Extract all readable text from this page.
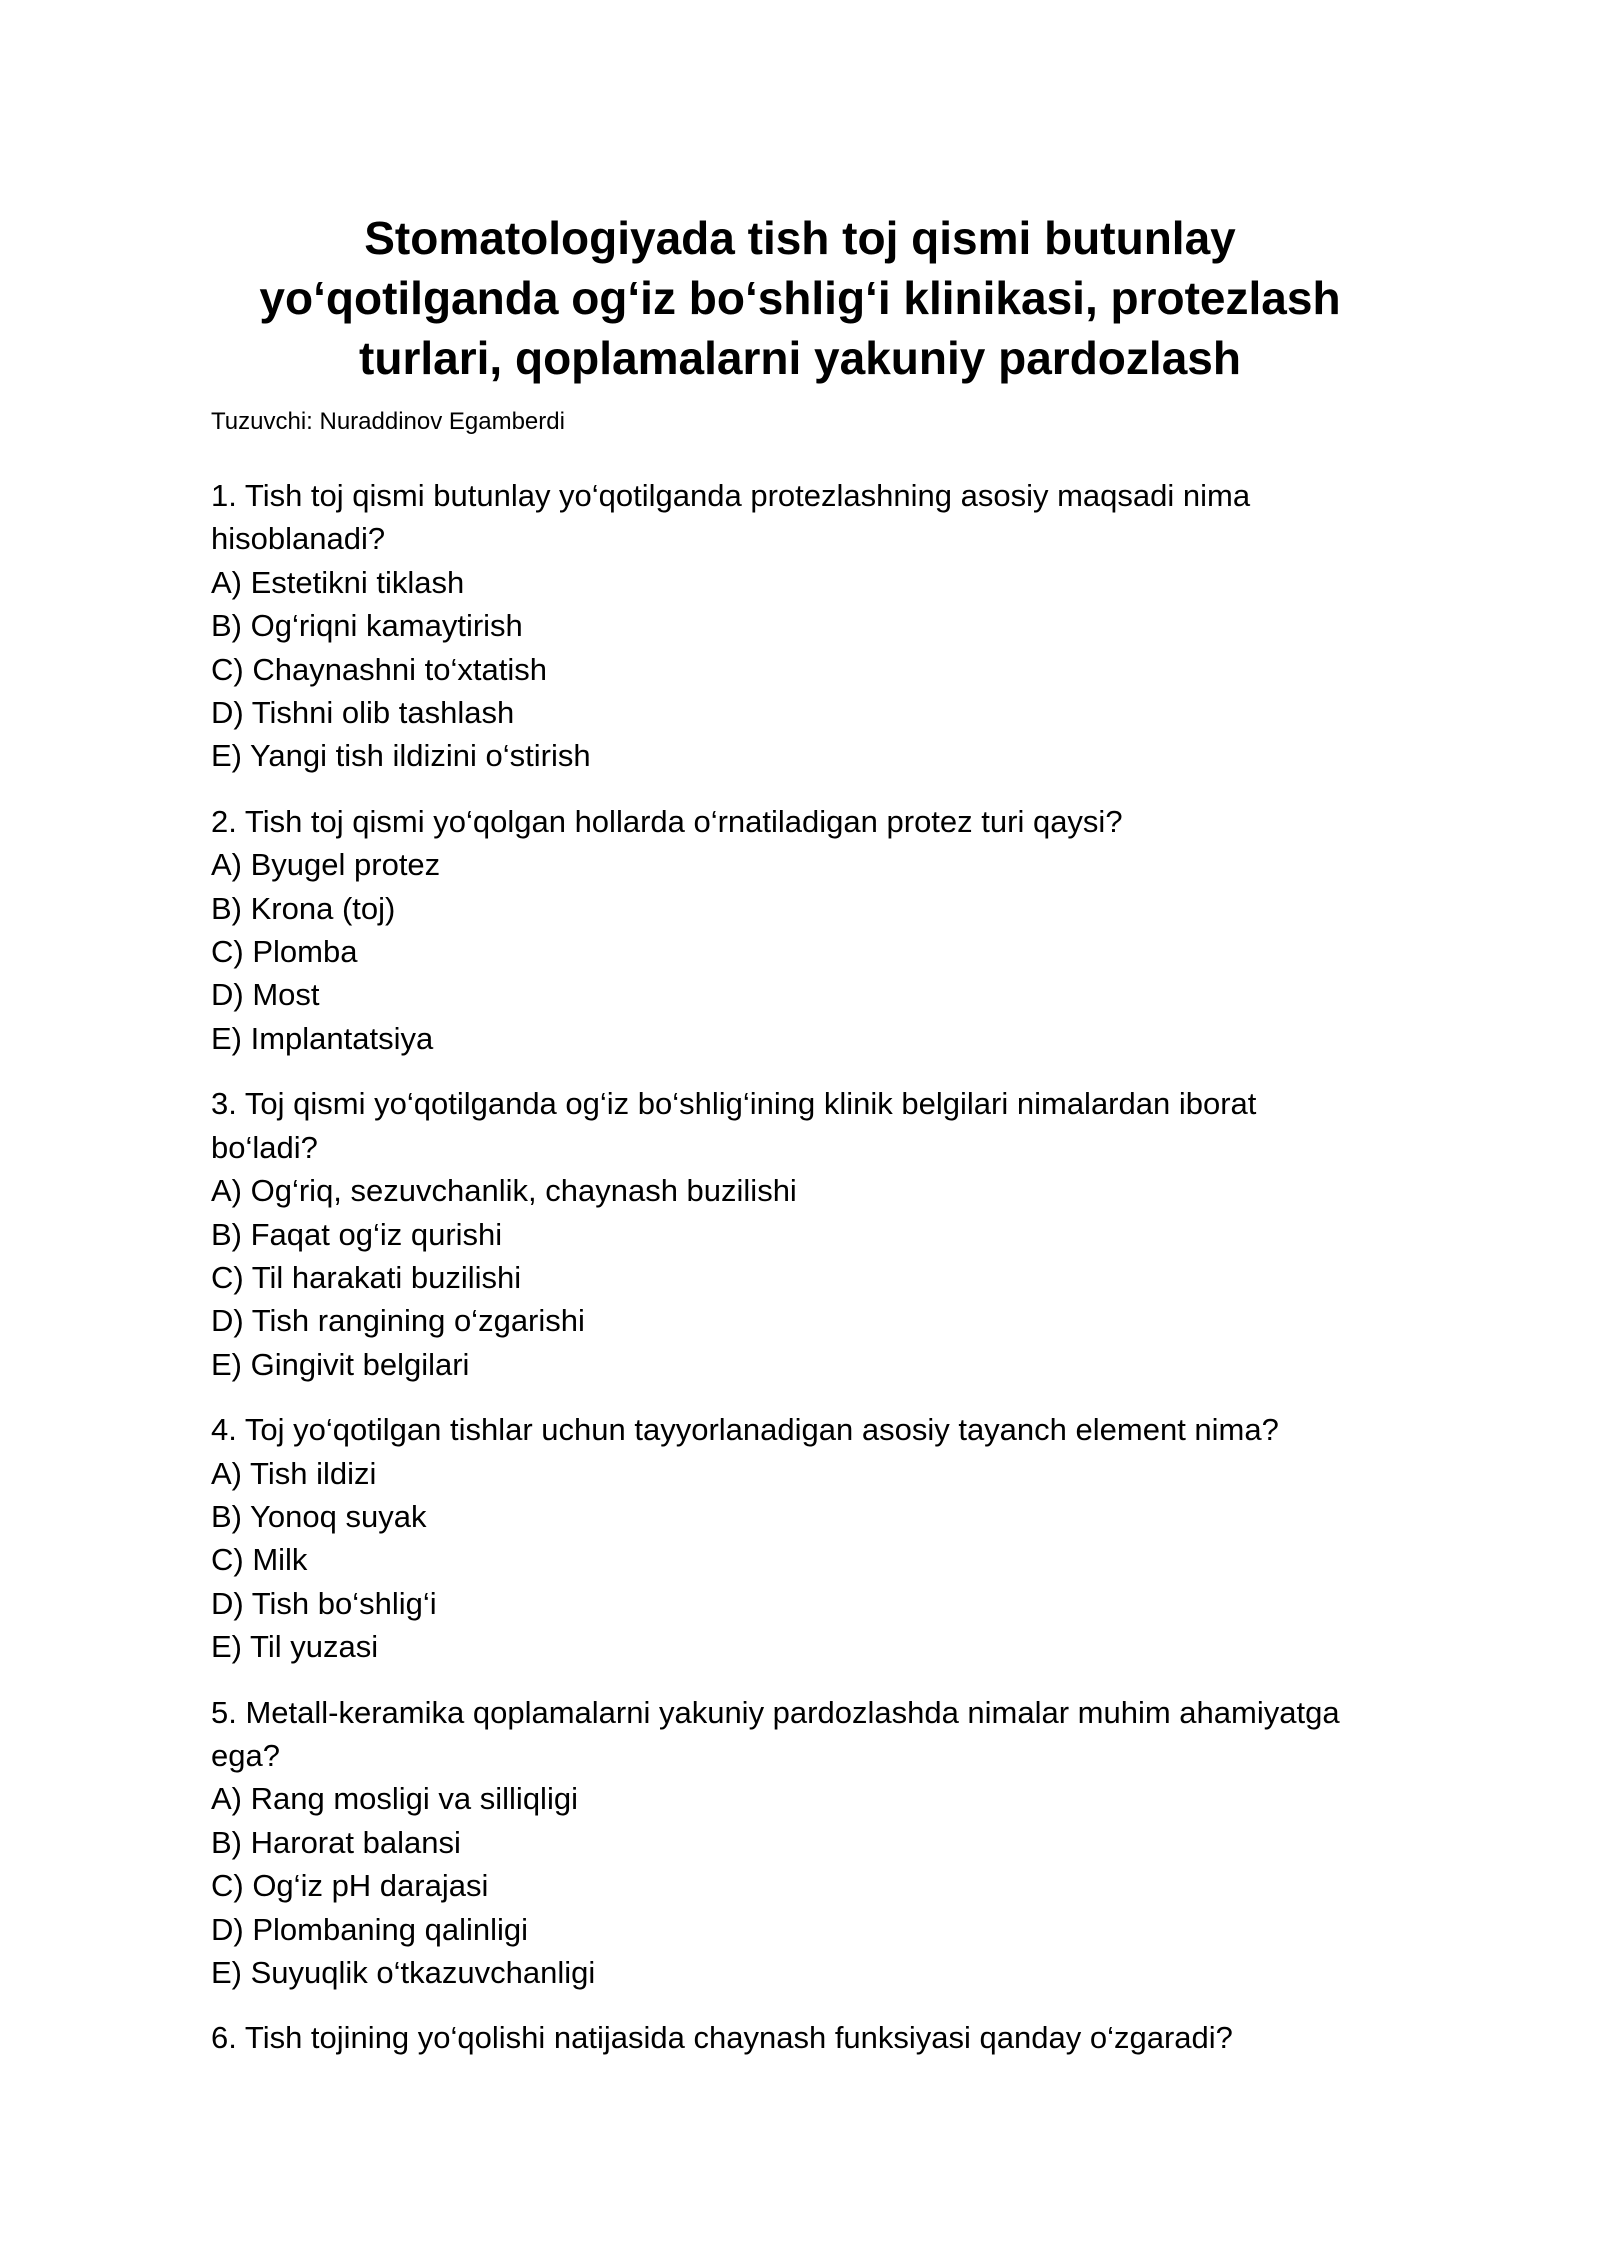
Stomatologiyada tish toj qismi butunlay
yo‘qotilganda og‘iz bo‘shlig‘i klinikasi, protezlash
turlari, qoplamalarni yakuniy pardozlash

Tuzuvchi: Nuraddinov Egamberdi

1. Tish toj qismi butunlay yo‘qotilganda protezlashning asosiy maqsadi nima
hisoblanadi?
A) Estetikni tiklash
B) Og‘riqni kamaytirish
C) Chaynashni to‘xtatish
D) Tishni olib tashlash
E) Yangi tish ildizini o‘stirish
2. Tish toj qismi yo‘qolgan hollarda o‘rnatiladigan protez turi qaysi?
A) Byugel protez
B) Krona (toj)
C) Plomba
D) Most
E) Implantatsiya
3. Toj qismi yo‘qotilganda og‘iz bo‘shlig‘ining klinik belgilari nimalardan iborat
bo‘ladi?
A) Og‘riq, sezuvchanlik, chaynash buzilishi
B) Faqat og‘iz qurishi
C) Til harakati buzilishi
D) Tish rangining o‘zgarishi
E) Gingivit belgilari
4. Toj yo‘qotilgan tishlar uchun tayyorlanadigan asosiy tayanch element nima?
A) Tish ildizi
B) Yonoq suyak
C) Milk
D) Tish bo‘shlig‘i
E) Til yuzasi
5. Metall-keramika qoplamalarni yakuniy pardozlashda nimalar muhim ahamiyatga
ega?
A) Rang mosligi va silliqligi
B) Harorat balansi
C) Og‘iz pH darajasi
D) Plombaning qalinligi
E) Suyuqlik o‘tkazuvchanligi
6. Tish tojining yo‘qolishi natijasida chaynash funksiyasi qanday o‘zgaradi?
